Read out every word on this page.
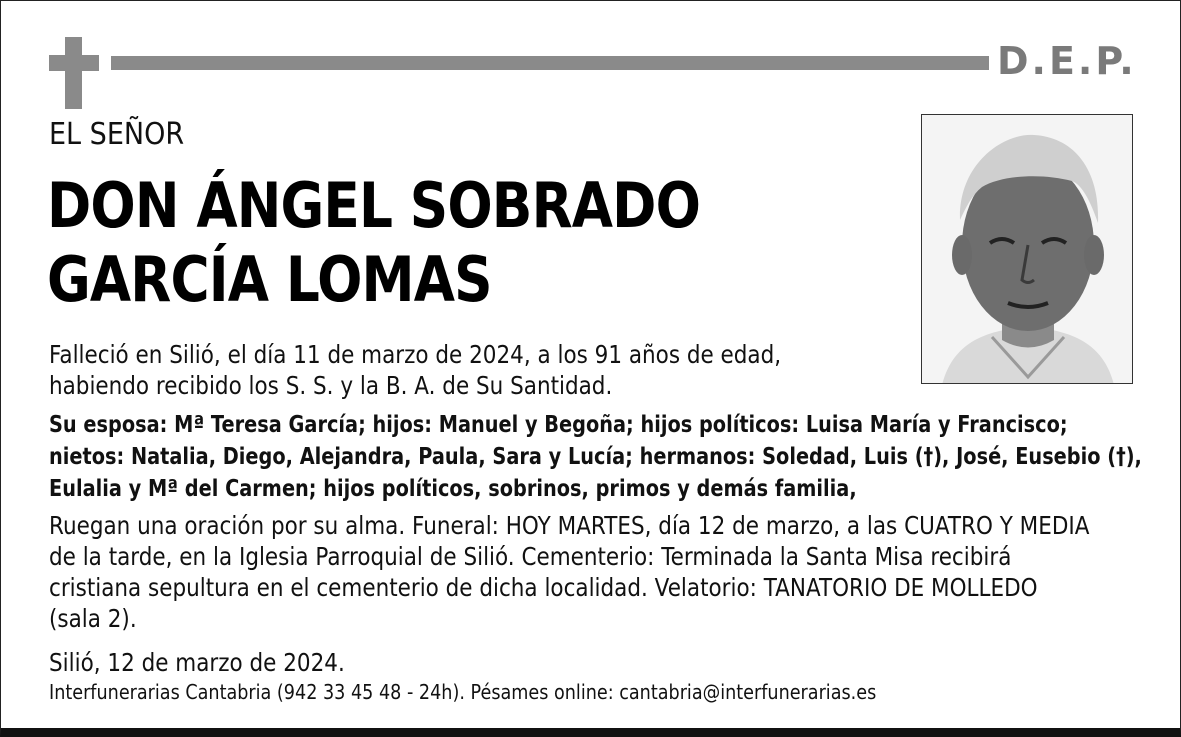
D.E.P.
EL SEÑOR
DON ÁNGEL SOBRADO
GARCÍA LOMAS
Falleció en Silió, el día 11 de marzo de 2024, a los 91 años de edad,
habiendo recibido los S. S. y la B. A. de Su Santidad.
Su esposa: Mª Teresa García; hijos: Manuel y Begoña; hijos políticos: Luisa María y Francisco;
nietos: Natalia, Diego, Alejandra, Paula, Sara y Lucía; hermanos: Soledad, Luis (†), José, Eusebio (†),
Eulalia y Mª del Carmen; hijos políticos, sobrinos, primos y demás familia,
Ruegan una oración por su alma. Funeral: HOY MARTES, día 12 de marzo, a las CUATRO Y MEDIA
de la tarde, en la Iglesia Parroquial de Silió. Cementerio: Terminada la Santa Misa recibirá
cristiana sepultura en el cementerio de dicha localidad. Velatorio: TANATORIO DE MOLLEDO
(sala 2).
Silió, 12 de marzo de 2024.
Interfunerarias Cantabria (942 33 45 48 - 24h). Pésames online: cantabria@interfunerarias.es
